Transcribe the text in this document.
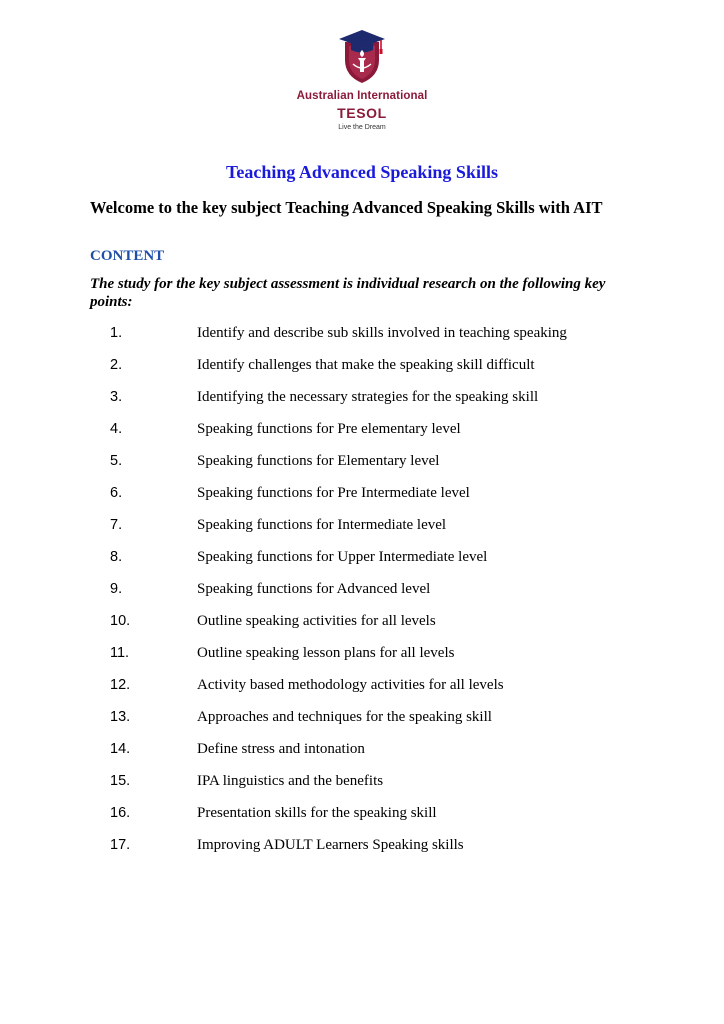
Australian International
TESOL
Live the Dream
Teaching Advanced Speaking Skills
Welcome to the key subject Teaching Advanced Speaking Skills with AIT
CONTENT
The study for the key subject assessment is individual research on the following key points:
1.	Identify and describe sub skills involved in teaching speaking
2.	Identify challenges that make the speaking skill difficult
3.	Identifying the necessary strategies for the speaking skill
4.	Speaking functions for Pre elementary level
5.	Speaking functions for Elementary level
6.	Speaking functions for Pre Intermediate level
7.	Speaking functions for Intermediate level
8.	Speaking functions for Upper Intermediate level
9.	Speaking functions for Advanced level
10.	Outline speaking activities for all levels
11.	Outline speaking lesson plans for all levels
12.	Activity based methodology activities for all levels
13.	Approaches and techniques for the speaking skill
14.	Define stress and intonation
15.	IPA linguistics and the benefits
16.	Presentation skills for the speaking skill
17.	Improving ADULT Learners Speaking skills
